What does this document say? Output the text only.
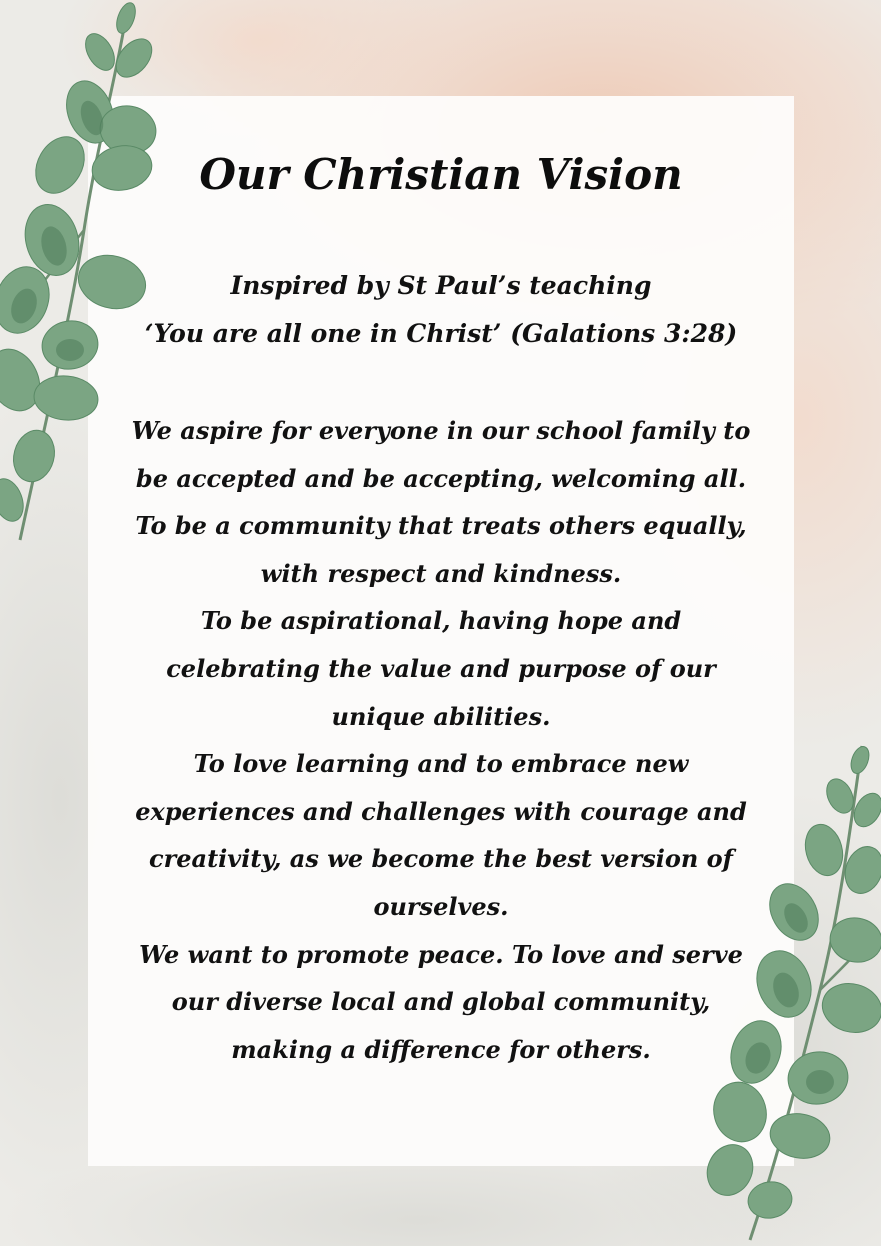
Our Christian Vision
Inspired by St Paul’s teaching
‘You are all one in Christ’ (Galations 3:28)
We aspire for everyone in our school family to
be accepted and be accepting, welcoming all.
To be a community that treats others equally,
with respect and kindness.
To be aspirational, having hope and
celebrating the value and purpose of our
unique abilities.
To love learning and to embrace new
experiences and challenges with courage and
creativity, as we become the best version of
ourselves.
We want to promote peace. To love and serve
our diverse local and global community,
making a difference for others.
